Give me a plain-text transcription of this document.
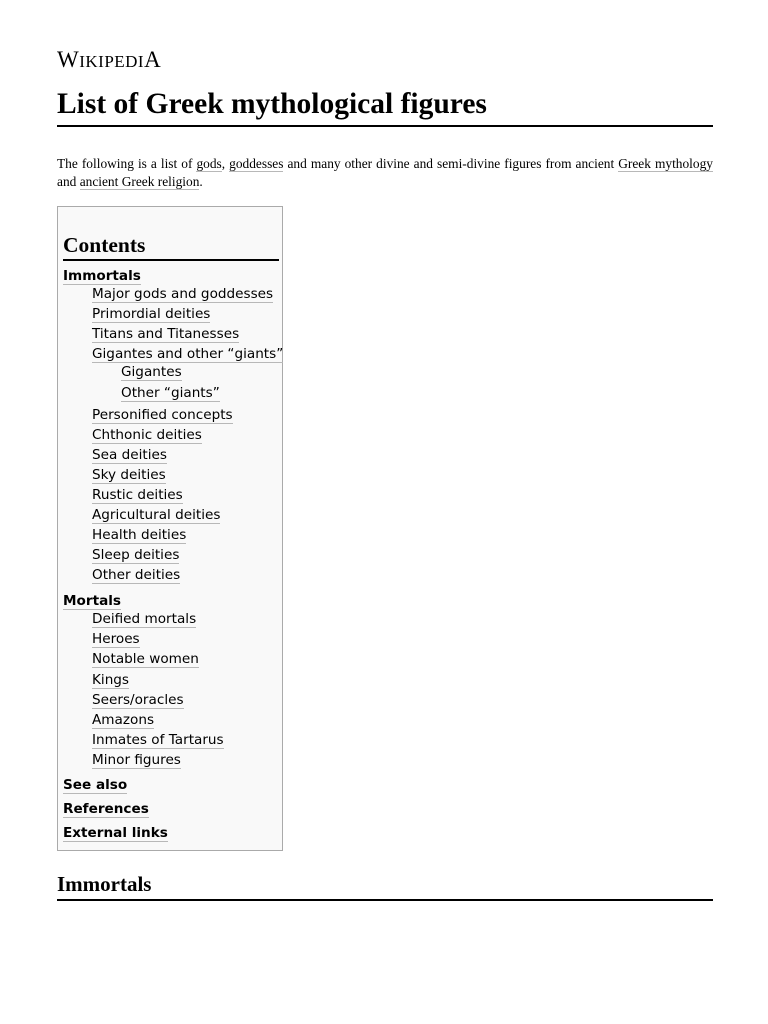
WIKIPEDIA
List of Greek mythological figures

The following is a list of gods, goddesses and many other divine and semi-divine figures from ancient Greek mythology and ancient Greek religion.

Contents
Immortals
Major gods and goddesses
Primordial deities
Titans and Titanesses
Gigantes and other “giants”
Gigantes
Other “giants”
Personified concepts
Chthonic deities
Sea deities
Sky deities
Rustic deities
Agricultural deities
Health deities
Sleep deities
Other deities
Mortals
Deified mortals
Heroes
Notable women
Kings
Seers/oracles
Amazons
Inmates of Tartarus
Minor figures
See also
References
External links
Immortals
